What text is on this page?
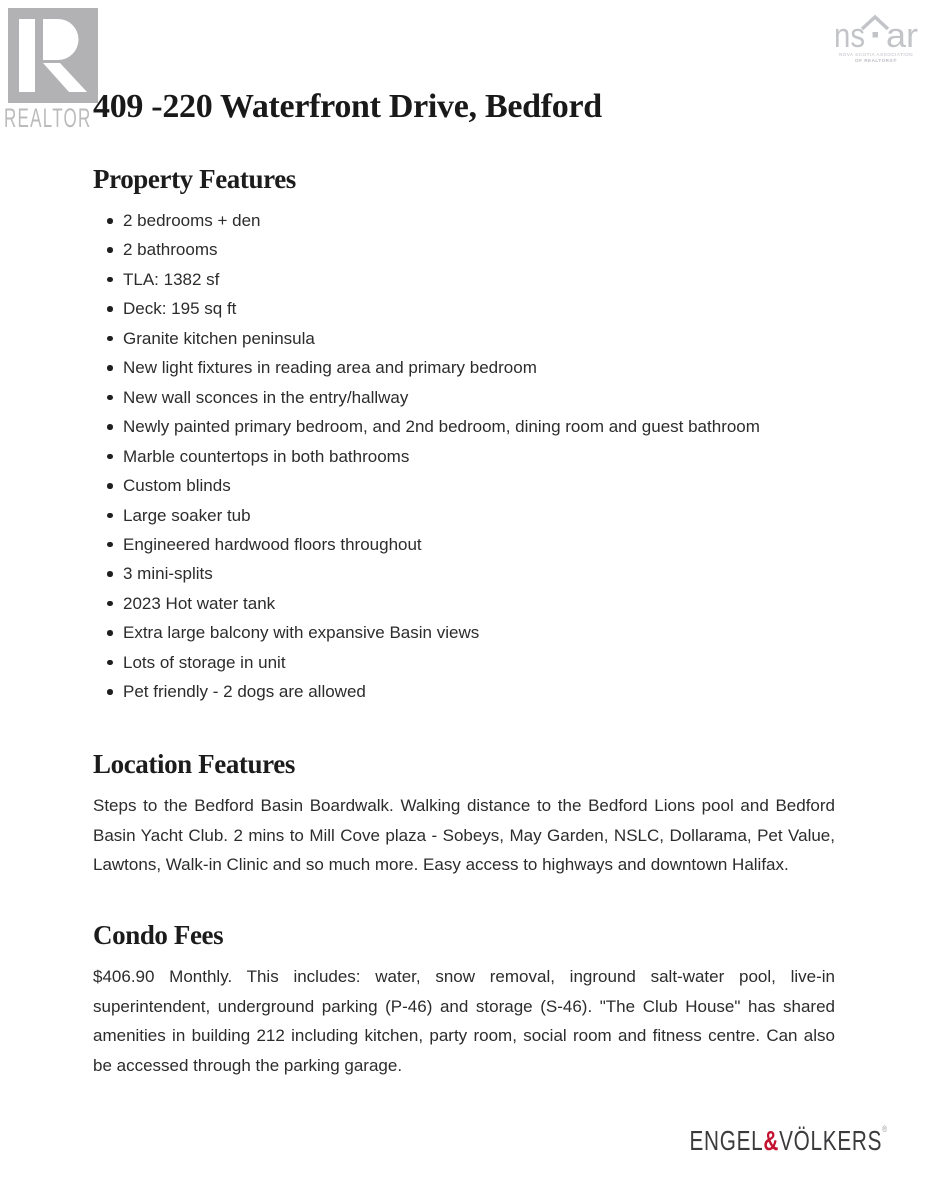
REALTOR
ns ar
NOVA SCOTIA ASSOCIATION
OF REALTORS®
409 -220 Waterfront Drive, Bedford
Property Features
2 bedrooms + den
2 bathrooms
TLA: 1382 sf
Deck: 195 sq ft
Granite kitchen peninsula
New light fixtures in reading area and primary bedroom
New wall sconces in the entry/hallway
Newly painted primary bedroom, and 2nd bedroom, dining room and guest bathroom
Marble countertops in both bathrooms
Custom blinds
Large soaker tub
Engineered hardwood floors throughout
3 mini-splits
2023 Hot water tank
Extra large balcony with expansive Basin views
Lots of storage in unit
Pet friendly - 2 dogs are allowed
Location Features

Steps to the Bedford Basin Boardwalk. Walking distance to the Bedford Lions pool and Bedford Basin Yacht Club. 2 mins to Mill Cove plaza - Sobeys, May Garden, NSLC, Dollarama, Pet Value, Lawtons, Walk-in Clinic and so much more. Easy access to highways and downtown Halifax.

Condo Fees

$406.90 Monthly. This includes: water, snow removal, inground salt-water pool, live-in superintendent, underground parking (P-46) and storage (S-46). "The Club House" has shared amenities in building 212 including kitchen, party room, social room and fitness centre. Can also be accessed through the parking garage.

ENGEL&VÖLKERS®
